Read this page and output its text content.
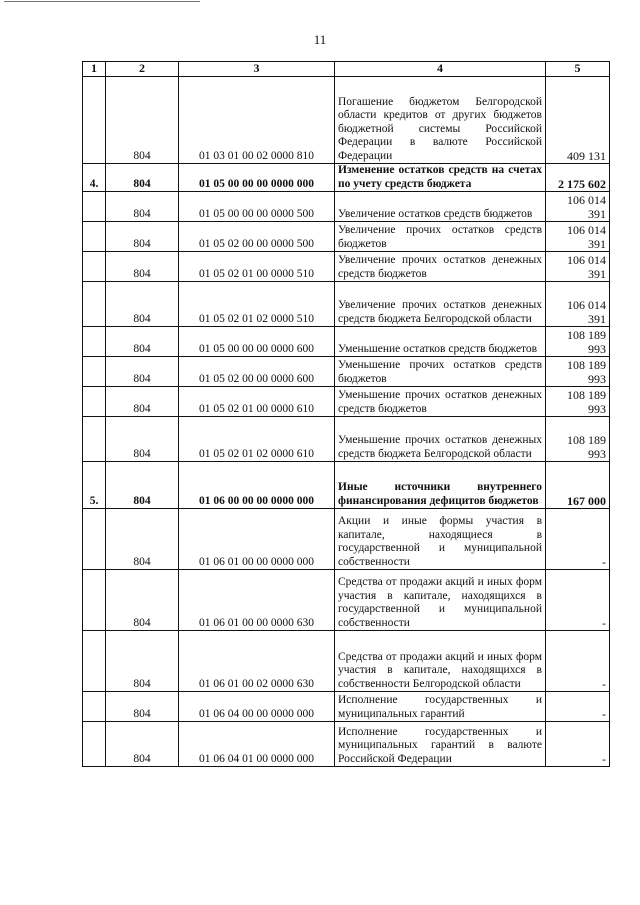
11
1	2	3	4	5
	804	01 03 01 00 02 0000 810	Погашение бюджетом Белгородской области кредитов от других бюджетов бюджетной системы Российской Федерации в валюте Российской Федерации	409 131
4.	804	01 05 00 00 00 0000 000	Изменение остатков средств на счетах по учету средств бюджета	2 175 602
	804	01 05 00 00 00 0000 500	Увеличение остатков средств бюджетов	106 014 391
	804	01 05 02 00 00 0000 500	Увеличение прочих остатков средств бюджетов	106 014 391
	804	01 05 02 01 00 0000 510	Увеличение прочих остатков денежных средств бюджетов	106 014 391
	804	01 05 02 01 02 0000 510	Увеличение прочих остатков денежных средств бюджета Белгородской области	106 014 391
	804	01 05 00 00 00 0000 600	Уменьшение остатков средств бюджетов	108 189 993
	804	01 05 02 00 00 0000 600	Уменьшение прочих остатков средств бюджетов	108 189 993
	804	01 05 02 01 00 0000 610	Уменьшение прочих остатков денежных средств бюджетов	108 189 993
	804	01 05 02 01 02 0000 610	Уменьшение прочих остатков денежных средств бюджета Белгородской области	108 189 993
5.	804	01 06 00 00 00 0000 000	Иные источники внутреннего финансирования дефицитов бюджетов	167 000
	804	01 06 01 00 00 0000 000	Акции и иные формы участия в капитале, находящиеся в государственной и муниципальной собственности	-
	804	01 06 01 00 00 0000 630	Средства от продажи акций и иных форм участия в капитале, находящихся в государственной и муниципальной собственности	-
	804	01 06 01 00 02 0000 630	Средства от продажи акций и иных форм участия в капитале, находящихся в собственности Белгородской области	-
	804	01 06 04 00 00 0000 000	Исполнение государственных и муниципальных гарантий	-
	804	01 06 04 01 00 0000 000	Исполнение государственных и муниципальных гарантий в валюте Российской Федерации	-
